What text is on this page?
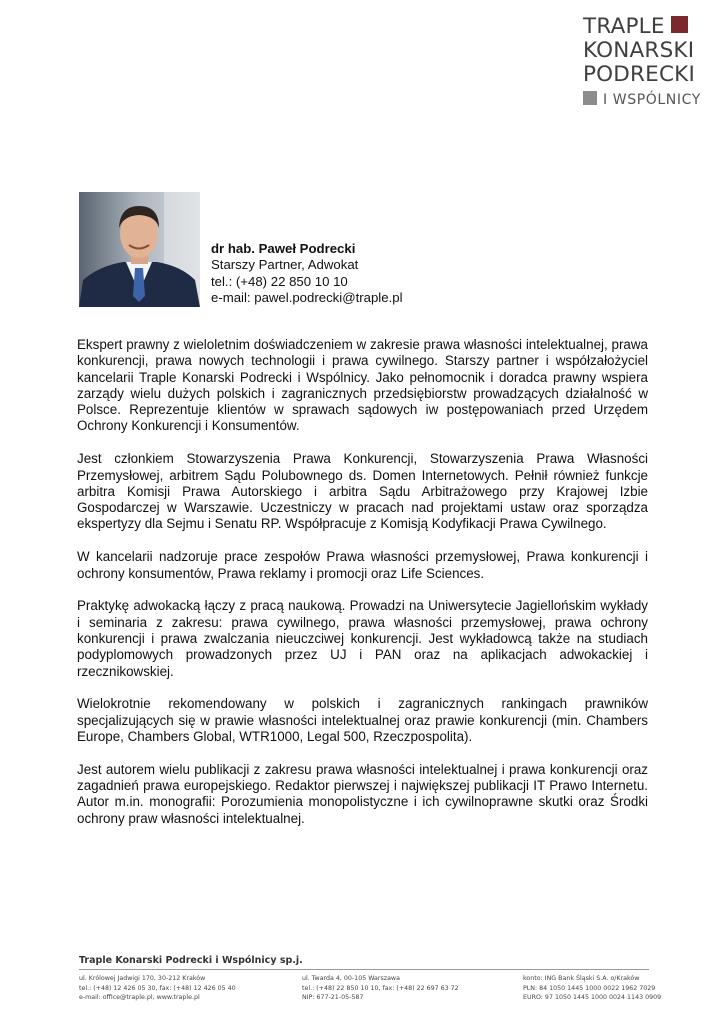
TRAPLE
KONARSKI
PODRECKI
I WSPÓLNICY
dr hab. Paweł Podrecki
Starszy Partner, Adwokat
tel.: (+48) 22 850 10 10
e-mail: pawel.podrecki@traple.pl

Ekspert prawny z wieloletnim doświadczeniem w zakresie prawa własności intelektualnej, prawa konkurencji, prawa nowych technologii i prawa cywilnego. Starszy partner i współzałożyciel kancelarii Traple Konarski Podrecki i Wspólnicy. Jako pełnomocnik i doradca prawny wspiera zarządy wielu dużych polskich i zagranicznych przedsiębiorstw prowadzących działalność w Polsce. Reprezentuje klientów w sprawach sądowych iw postępowaniach przed Urzędem Ochrony Konkurencji i Konsumentów.

Jest członkiem Stowarzyszenia Prawa Konkurencji, Stowarzyszenia Prawa Własności Przemysłowej, arbitrem Sądu Polubownego ds. Domen Internetowych. Pełnił również funkcje arbitra Komisji Prawa Autorskiego i arbitra Sądu Arbitrażowego przy Krajowej Izbie Gospodarczej w Warszawie. Uczestniczy w pracach nad projektami ustaw oraz sporządza ekspertyzy dla Sejmu i Senatu RP. Współpracuje z Komisją Kodyfikacji Prawa Cywilnego.

W kancelarii nadzoruje prace zespołów Prawa własności przemysłowej, Prawa konkurencji i ochrony konsumentów, Prawa reklamy i promocji oraz Life Sciences.

Praktykę adwokacką łączy z pracą naukową. Prowadzi na Uniwersytecie Jagiellońskim wykłady i seminaria z zakresu: prawa cywilnego, prawa własności przemysłowej, prawa ochrony konkurencji i prawa zwalczania nieuczciwej konkurencji. Jest wykładowcą także na studiach podyplomowych prowadzonych przez UJ i PAN oraz na aplikacjach adwokackiej i rzecznikowskiej.

Wielokrotnie rekomendowany w polskich i zagranicznych rankingach prawników specjalizujących się w prawie własności intelektualnej oraz prawie konkurencji (min. Chambers Europe, Chambers Global, WTR1000, Legal 500, Rzeczpospolita).

Jest autorem wielu publikacji z zakresu prawa własności intelektualnej i prawa konkurencji oraz zagadnień prawa europejskiego. Redaktor pierwszej i największej publikacji IT Prawo Internetu. Autor m.in. monografii: Porozumienia monopolistyczne i ich cywilnoprawne skutki oraz Środki ochrony praw własności intelektualnej.

Traple Konarski Podrecki i Wspólnicy sp.j.
ul. Królowej Jadwigi 170, 30-212 Kraków
tel.: (+48) 12 426 05 30, fax: (+48) 12 426 05 40
e-mail: office@traple.pl, www.traple.pl
ul. Twarda 4, 00-105 Warszawa
tel.: (+48) 22 850 10 10, fax: (+48) 22 697 63 72
NIP: 677-21-05-587
konto: ING Bank Śląski S.A. o/Kraków
PLN: 84 1050 1445 1000 0022 1962 7029
EURO: 97 1050 1445 1000 0024 1143 0909
